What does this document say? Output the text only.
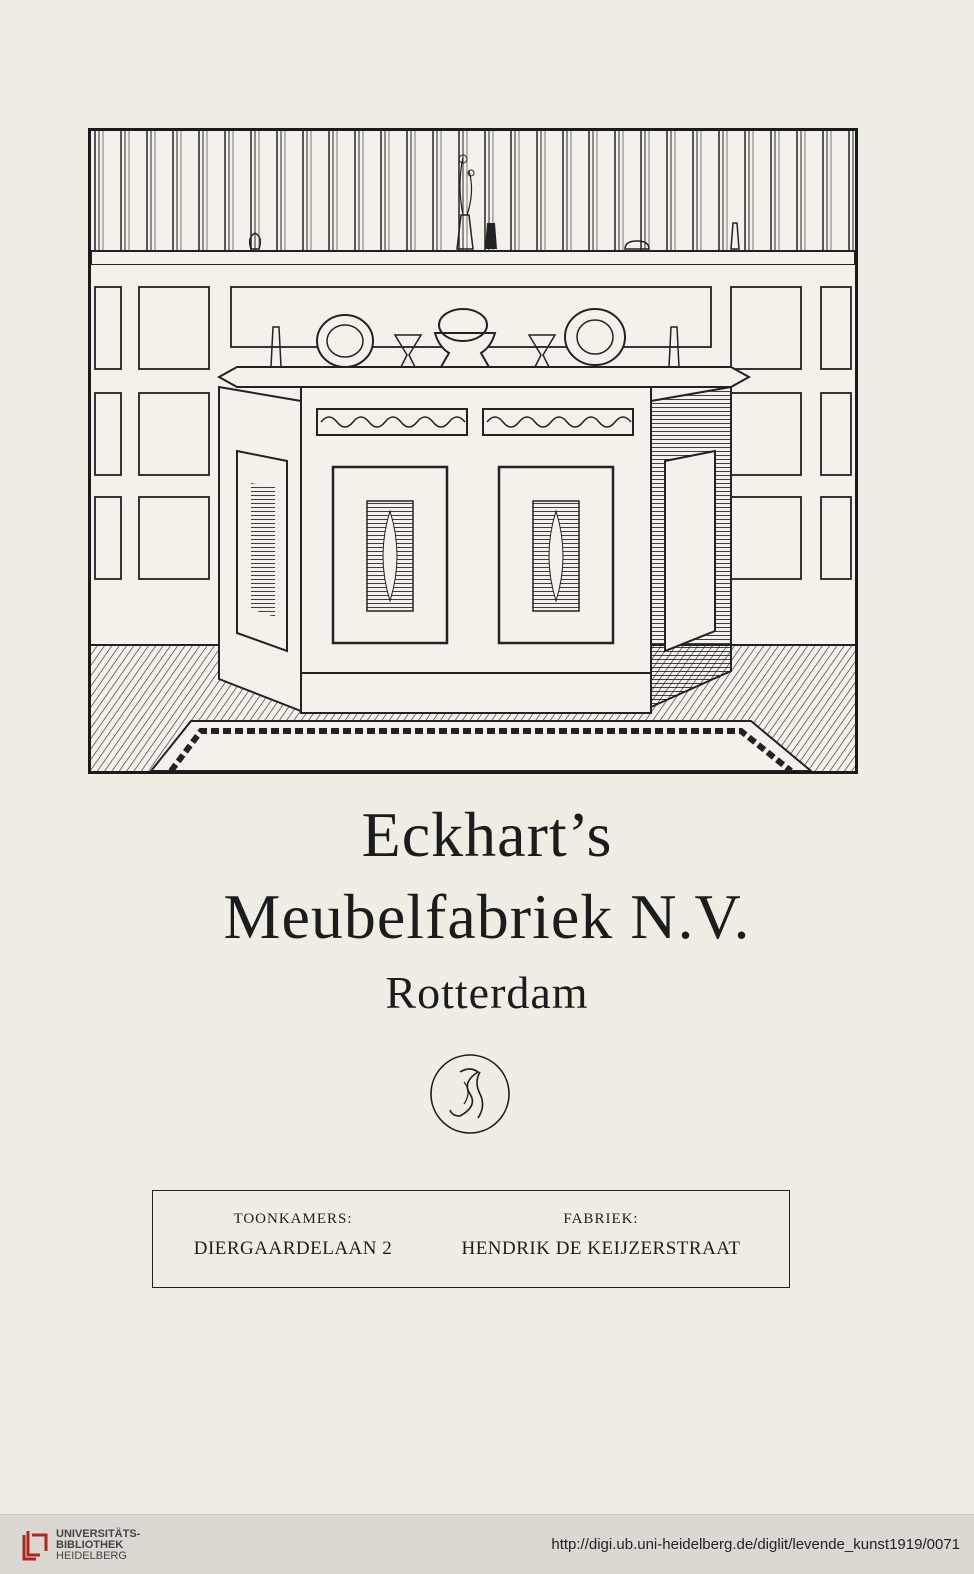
Eckhart’s
Meubelfabriek N.V.
Rotterdam
TOONKAMERS:
DIERGAARDELAAN 2
FABRIEK:
HENDRIK DE KEIJZERSTRAAT
UNIVERSITÄTS-
BIBLIOTHEK
HEIDELBERG
http://digi.ub.uni-heidelberg.de/diglit/levende_kunst1919/0071
